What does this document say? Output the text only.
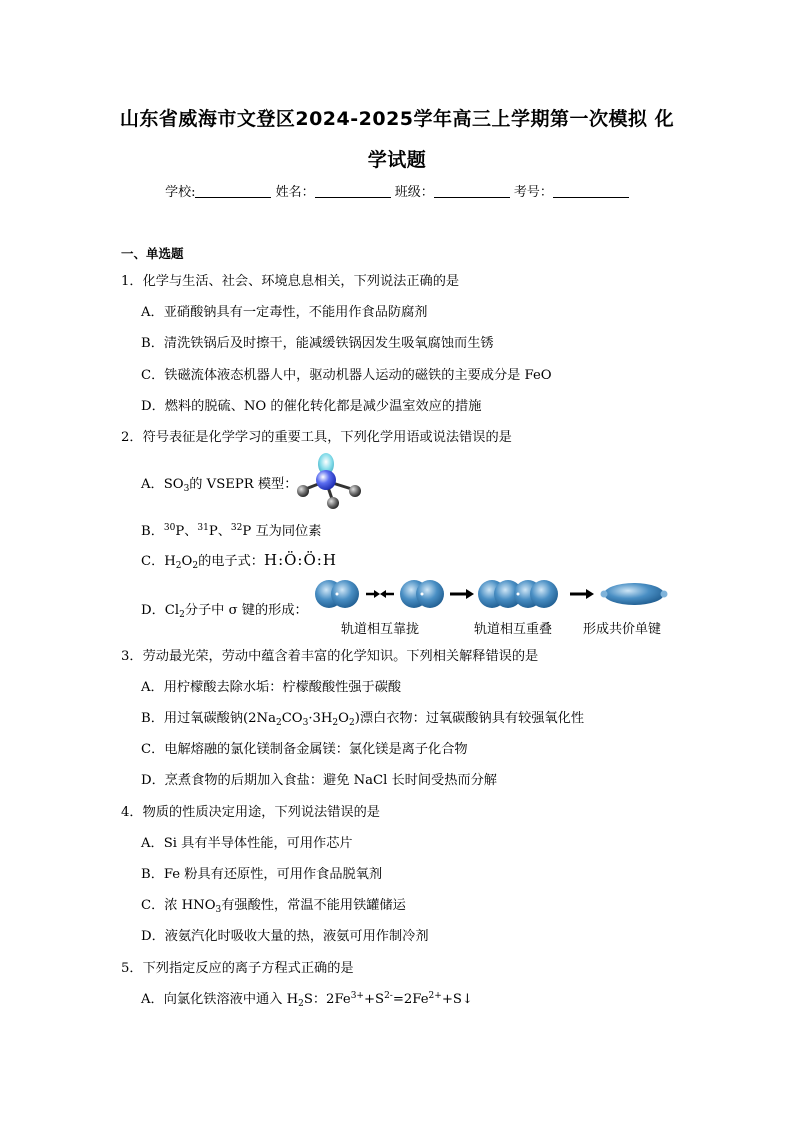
山东省威海市文登区2024-2025学年高三上学期第一次模拟 化
学试题
学校:	姓名：	班级：	考号：
一、单选题
1．化学与生活、社会、环境息息相关，下列说法正确的是
A．亚硝酸钠具有一定毒性，不能用作食品防腐剂
B．清洗铁锅后及时擦干，能减缓铁锅因发生吸氧腐蚀而生锈
C．铁磁流体液态机器人中，驱动机器人运动的磁铁的主要成分是 FeO
D．燃料的脱硫、NO 的催化转化都是减少温室效应的措施
2．符号表征是化学学习的重要工具，下列化学用语或说法错误的是
A．$SO_3$的 VSEPR 模型：
B．$^{30}$P、$^{31}$P、$^{32}$P 互为同位素
C．$H_2O_2$的电子式：H:Ö:Ö:H
D．$Cl_2$分子中 σ 键的形成：
轨道相互靠拢	轨道相互重叠 形成共价单键
3．劳动最光荣，劳动中蕴含着丰富的化学知识。下列相关解释错误的是
A．用柠檬酸去除水垢：柠檬酸酸性强于碳酸
B．用过氧碳酸钠$(2Na_2CO_3\cdot 3H_2O_2)$漂白衣物：过氧碳酸钠具有较强氧化性
C．电解熔融的氯化镁制备金属镁：氯化镁是离子化合物
D．烹煮食物的后期加入食盐：避免 NaCl 长时间受热而分解
4．物质的性质决定用途，下列说法错误的是
A．Si 具有半导体性能，可用作芯片
B．Fe 粉具有还原性，可用作食品脱氧剂
C．浓 $HNO_3$有强酸性，常温不能用铁罐储运
D．液氨汽化时吸收大量的热，液氨可用作制冷剂
5．下列指定反应的离子方程式正确的是
A．向氯化铁溶液中通入 $H_2S$：$2Fe^{3+}+S^{2-}=2Fe^{2+}+S↓$
